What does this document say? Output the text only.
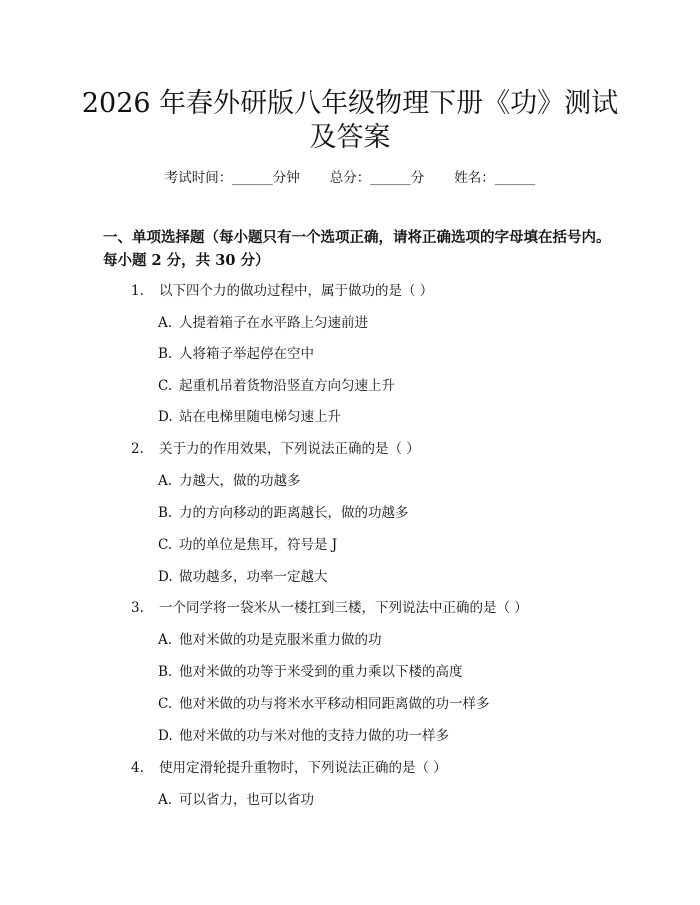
2026 年春外研版八年级物理下册《功》测试
及答案
考试时间：______分钟 总分：______分 姓名：______
一、单项选择题（每小题只有一个选项正确，请将正确选项的字母填在括号内。
每小题 2 分，共 30 分）
1. 以下四个力的做功过程中，属于做功的是（ ）
A. 人提着箱子在水平路上匀速前进
B. 人将箱子举起停在空中
C. 起重机吊着货物沿竖直方向匀速上升
D. 站在电梯里随电梯匀速上升
2. 关于力的作用效果，下列说法正确的是（ ）
A. 力越大，做的功越多
B. 力的方向移动的距离越长，做的功越多
C. 功的单位是焦耳，符号是 J
D. 做功越多，功率一定越大
3. 一个同学将一袋米从一楼扛到三楼，下列说法中正确的是（ ）
A. 他对米做的功是克服米重力做的功
B. 他对米做的功等于米受到的重力乘以下楼的高度
C. 他对米做的功与将米水平移动相同距离做的功一样多
D. 他对米做的功与米对他的支持力做的功一样多
4. 使用定滑轮提升重物时，下列说法正确的是（ ）
A. 可以省力，也可以省功
